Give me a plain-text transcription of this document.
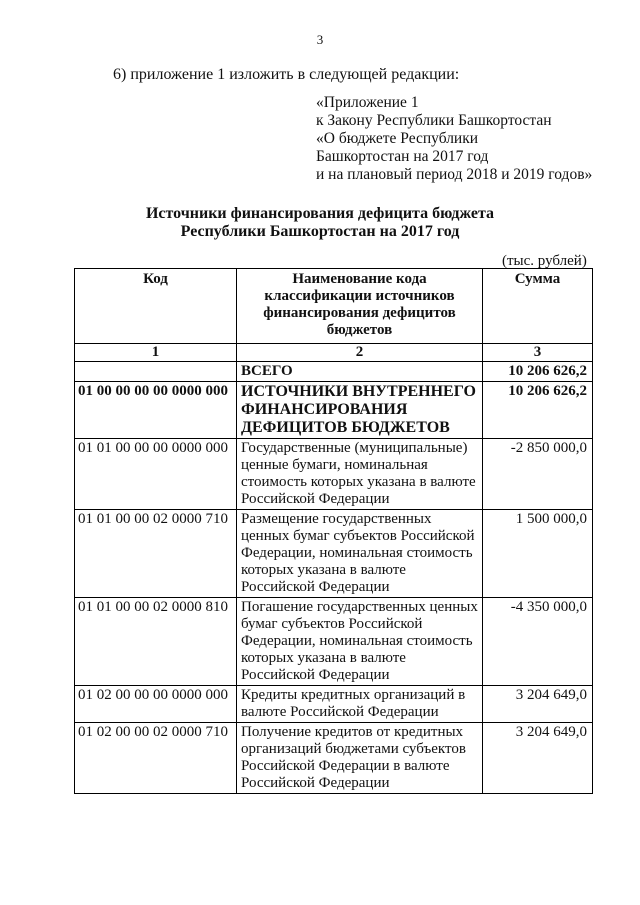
3
6) приложение 1 изложить в следующей редакции:
«Приложение 1
к Закону Республики Башкортостан
«О бюджете Республики
Башкортостан на 2017 год
и на плановый период 2018 и 2019 годов»
Источники финансирования дефицита бюджета
Республики Башкортостан на 2017 год
(тыс. рублей)
Код	Наименование кода классификации источников финансирования дефицитов бюджетов	Сумма
1	2	3
	ВСЕГО	10 206 626,2
01 00 00 00 00 0000 000	ИСТОЧНИКИ ВНУТРЕННЕГО ФИНАНСИРОВАНИЯ ДЕФИЦИТОВ БЮДЖЕТОВ	10 206 626,2
01 01 00 00 00 0000 000	Государственные (муниципальные) ценные бумаги, номинальная стоимость которых указана в валюте Российской Федерации	-2 850 000,0
01 01 00 00 02 0000 710	Размещение государственных ценных бумаг субъектов Российской Федерации, номинальная стоимость которых указана в валюте Российской Федерации	1 500 000,0
01 01 00 00 02 0000 810	Погашение государственных ценных бумаг субъектов Российской Федерации, номинальная стоимость которых указана в валюте Российской Федерации	-4 350 000,0
01 02 00 00 00 0000 000	Кредиты кредитных организаций в валюте Российской Федерации	3 204 649,0
01 02 00 00 02 0000 710	Получение кредитов от кредитных организаций бюджетами субъектов Российской Федерации в валюте Российской Федерации	3 204 649,0
